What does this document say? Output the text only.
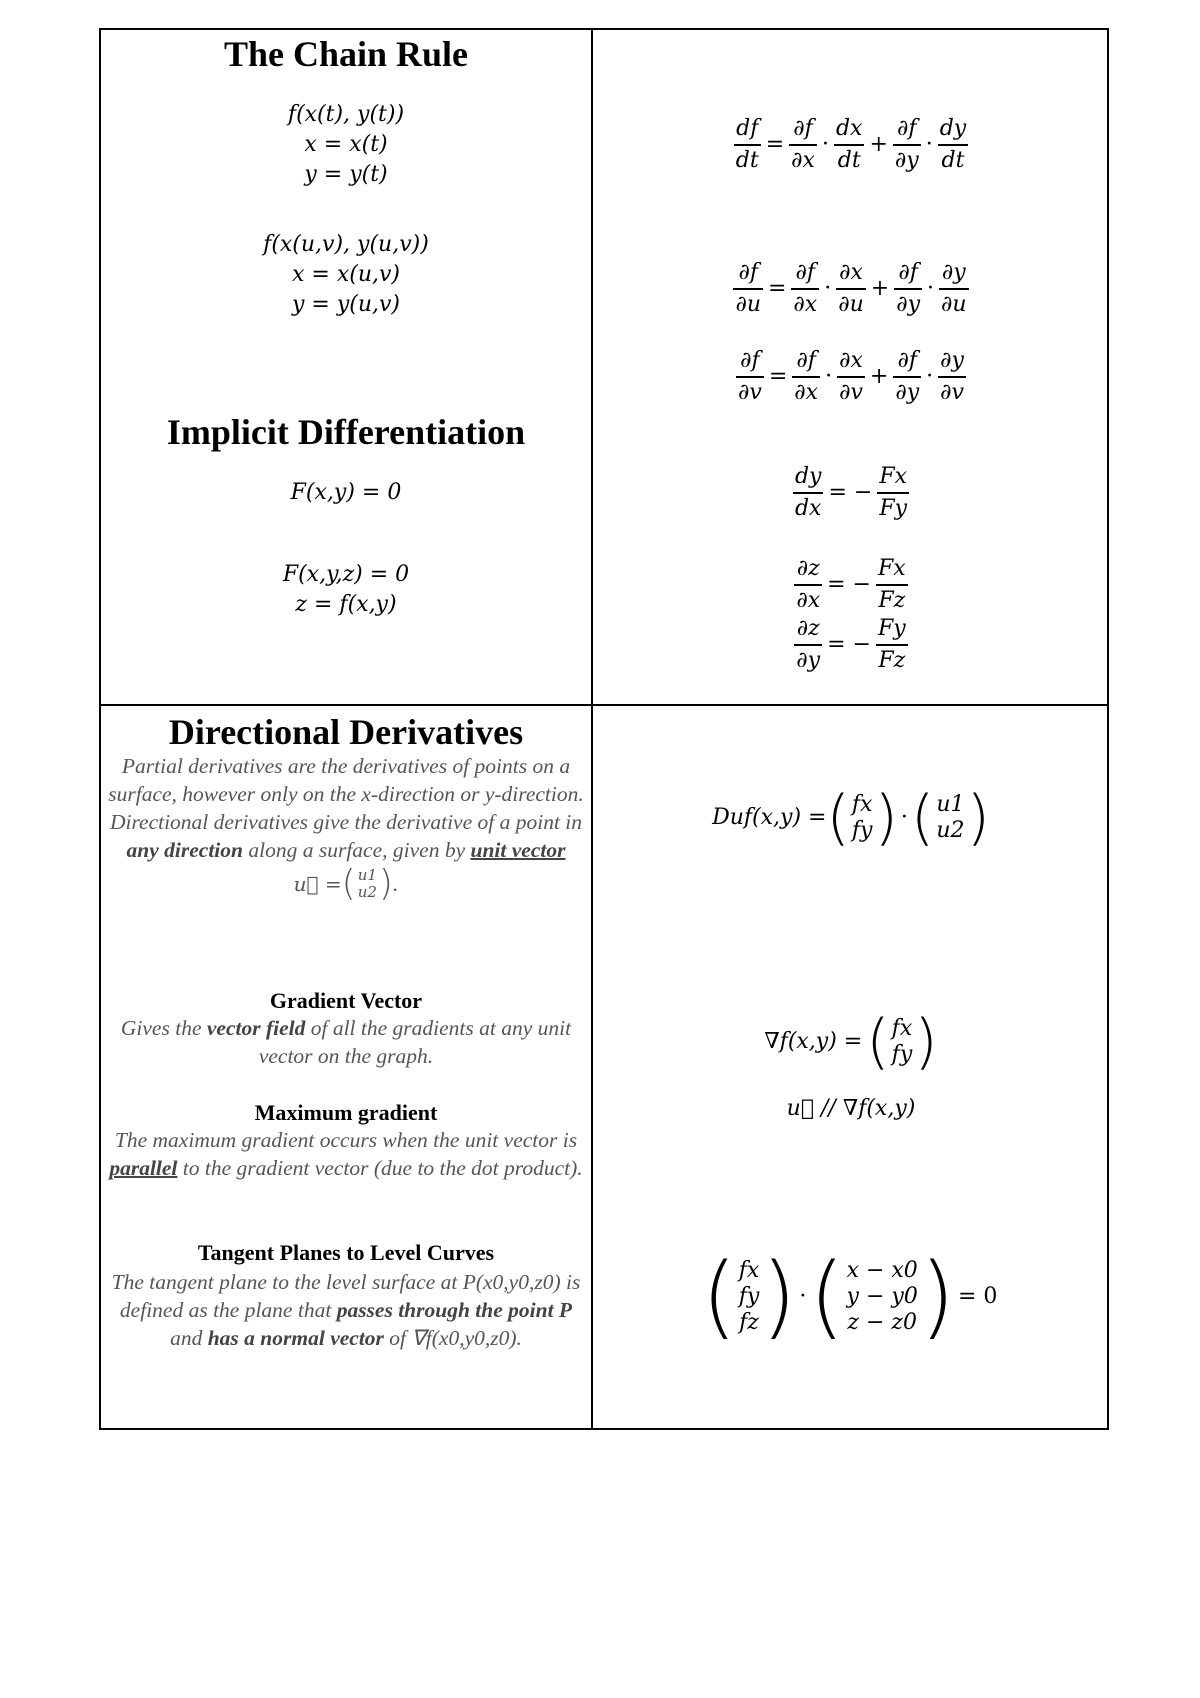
The Chain Rule
f(x(t), y(t))
x = x(t)
y = y(t)
f(x(u,v), y(u,v))
x = x(u,v)
y = y(u,v)
Implicit Differentiation
F(x,y) = 0
F(x,y,z) = 0
z = f(x,y)
$\frac{df}{dt} = \frac{\partial f}{\partial x} \cdot \frac{dx}{dt} + \frac{\partial f}{\partial y} \cdot \frac{dy}{dt}$
$\frac{\partial f}{\partial u} = \frac{\partial f}{\partial x} \cdot \frac{\partial x}{\partial u} + \frac{\partial f}{\partial y} \cdot \frac{\partial y}{\partial u}$
$\frac{\partial f}{\partial v} = \frac{\partial f}{\partial x} \cdot \frac{\partial x}{\partial v} + \frac{\partial f}{\partial y} \cdot \frac{\partial y}{\partial v}$
$\frac{dy}{dx}$ = − $\frac{Fx}{Fy}$
$\frac{\partial z}{\partial x}$ = − $\frac{Fx}{Fz}$
$\frac{\partial z}{\partial y}$ = − $\frac{Fy}{Fz}$
Directional Derivatives
Partial derivatives are the derivatives of points on a surface, however only on the x-direction or y-direction. Directional derivatives give the derivative of a point in any direction along a surface, given by unit vector
u⃗ = ( u1
u2 ) .
Gradient Vector
Gives the vector field of all the gradients at any unit vector on the graph.
Maximum gradient
The maximum gradient occurs when the unit vector is parallel to the gradient vector (due to the dot product).
Tangent Planes to Level Curves
The tangent plane to the level surface at P(x0,y0,z0) is defined as the plane that passes through the point P and has a normal vector of ∇f(x0,y0,z0).
Duf(x,y) = ( fx
fy ) · ( u1
u2 )
∇f(x,y) = ( fx
fy )
u⃗ // ∇f(x,y)
( fx
fy
fz ) · ( x − x0
y − y0
z − z0 ) = 0
